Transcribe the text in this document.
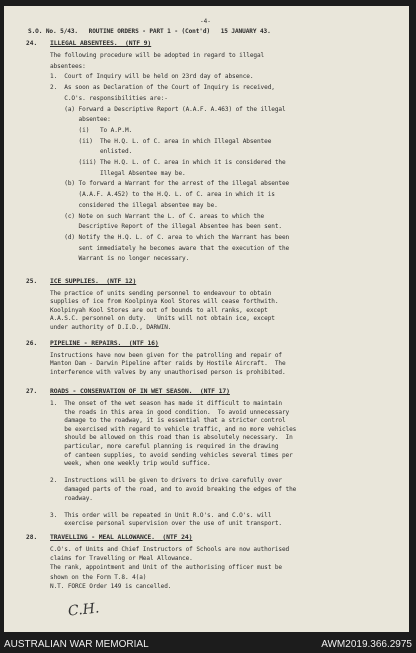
-4-
S.O. No. 5/43.   ROUTINE ORDERS - PART 1 - (Cont'd)   15 JANUARY 43.
24. ILLEGAL ABSENTEES.  (NTF 9)
The following procedure will be adopted in regard to illegal
absentees:
1.  Court of Inquiry will be held on 23rd day of absence.
2.  As soon as Declaration of the Court of Inquiry is received,
C.O's. responsibilities are:-
(a) Forward a Descriptive Report (A.A.F. A.463) of the illegal
absentee:
(i)   To A.P.M.
(ii)  The H.Q. L. of C. area in which Illegal Absentee
enlisted.
(iii) The H.Q. L. of C. area in which it is considered the
Illegal Absentee may be.
(b) To forward a Warrant for the arrest of the illegal absentee
(A.A.F. A.452) to the H.Q. L. of C. area in which it is
considered the illegal absentee may be.
(c) Note on such Warrant the L. of C. areas to which the
Descriptive Report of the illegal Absentee has been sent.
(d) Notify the H.Q. L. of C. area to which the Warrant has been
sent immediately he becomes aware that the execution of the
Warrant is no longer necessary.
25. ICE SUPPLIES.  (NTF 12)
The practice of units sending personnel to endeavour to obtain
supplies of ice from Koolpinya Kool Stores will cease forthwith.
Koolpinyah Kool Stores are out of bounds to all ranks, except
A.A.S.C. personnel on duty.   Units will not obtain ice, except
under authority of D.I.D., DARWIN.
26. PIPELINE - REPAIRS.  (NTF 16)
Instructions have now been given for the patrolling and repair of
Manton Dam - Darwin Pipeline after raids by Hostile Aircraft.  The
interference with valves by any unauthorised person is prohibited.
27. ROADS - CONSERVATION OF IN WET SEASON.  (NTF 17)
1.  The onset of the wet season has made it difficult to maintain
the roads in this area in good condition.  To avoid unnecessary
damage to the roadway, it is essential that a stricter control
be exercised with regard to vehicle traffic, and no more vehicles
should be allowed on this road than is absolutely necessary.  In
particular, more careful planning is required in the drawing
of canteen supplies, to avoid sending vehicles several times per
week, when one weekly trip would suffice.
2.  Instructions will be given to drivers to drive carefully over
damaged parts of the road, and to avoid breaking the edges of the
roadway.
3.  This order will be repeated in Unit R.O's. and C.O's. will
exercise personal supervision over the use of unit transport.
28. TRAVELLING - MEAL ALLOWANCE.  (NTF 24)
C.O's. of Units and Chief Instructors of Schools are now authorised
claims for Travelling or Meal Allowance.
The rank, appointment and Unit of the authorising officer must be
shown on the Form T.8. 4(a)
N.T. FORCE Order 149 is cancelled.
C.H.
AUSTRALIAN WAR MEMORIAL	AWM2019.366.2975
